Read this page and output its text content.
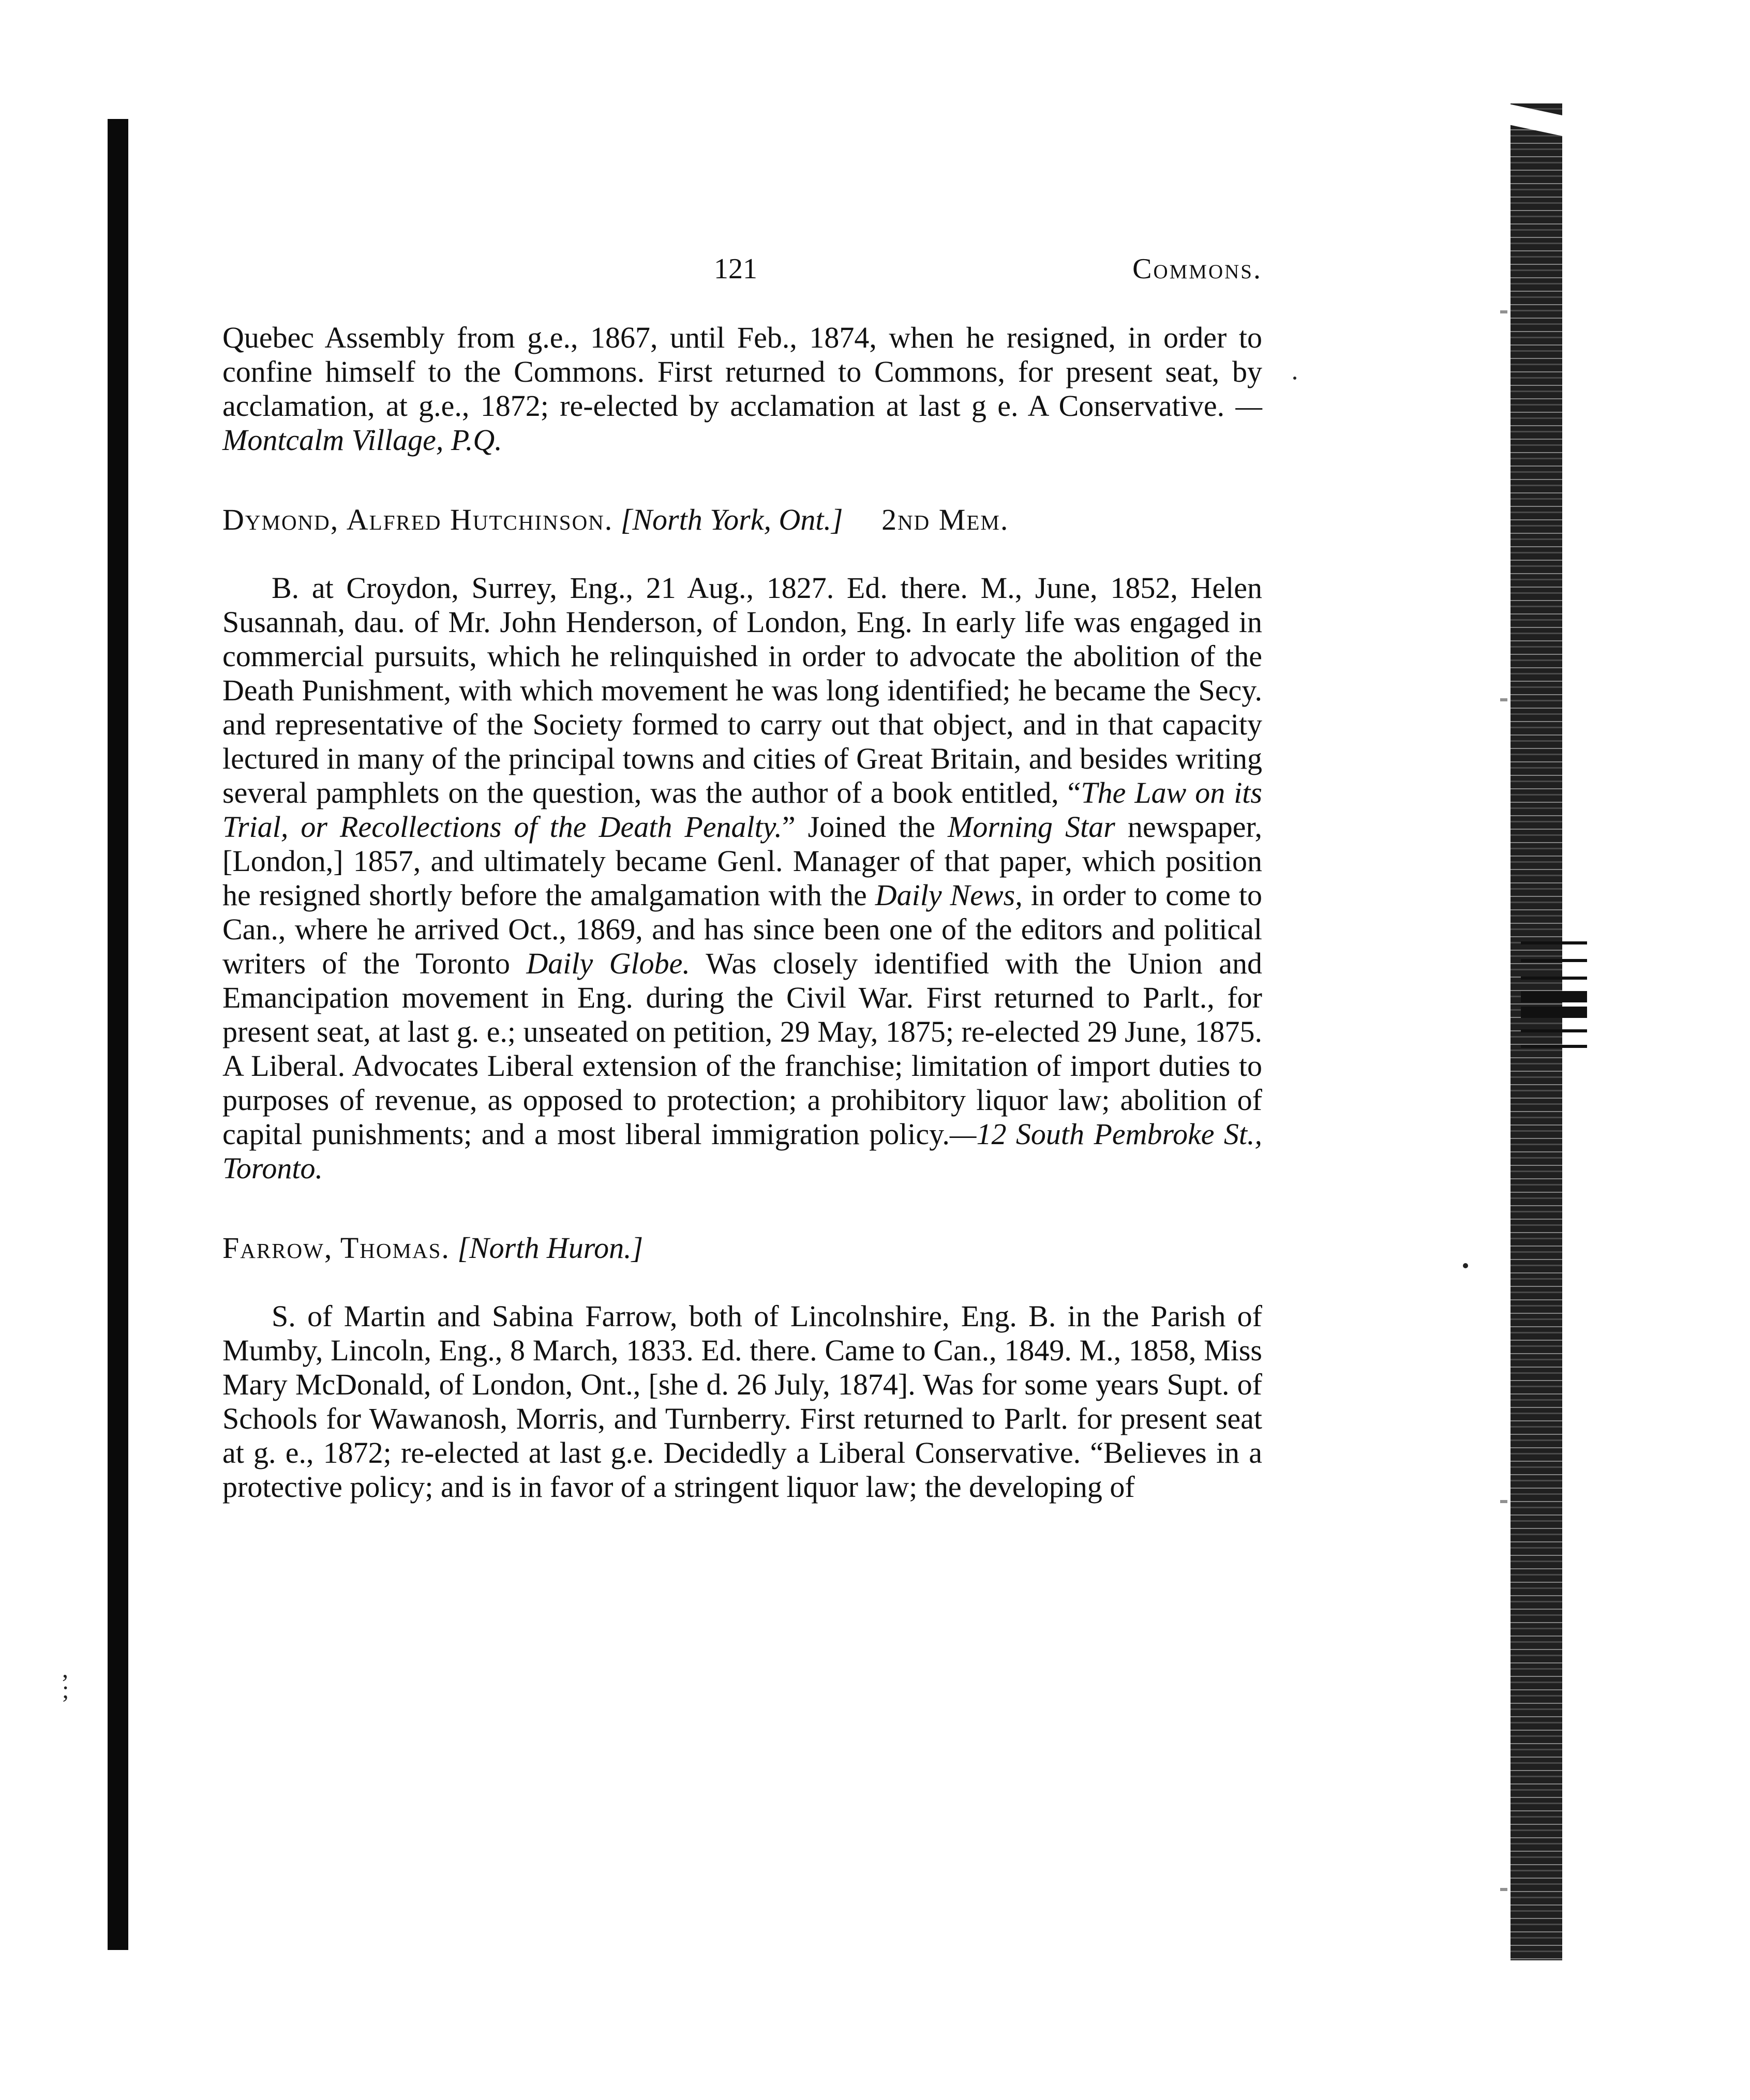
,
;
121	Commons.

Quebec Assembly from g.e., 1867, until Feb., 1874, when he resigned, in order to confine himself to the Commons. First returned to Commons, for present seat, by acclamation, at g.e., 1872; re-elected by acclamation at last g e. A Conservative. —Montcalm Village, P.Q.

Dymond, Alfred Hutchinson. [North York, Ont.] 2nd Mem.

B. at Croydon, Surrey, Eng., 21 Aug., 1827. Ed. there. M., June, 1852, Helen Susannah, dau. of Mr. John Henderson, of London, Eng. In early life was engaged in commercial pursuits, which he relinquished in order to advocate the abolition of the Death Punishment, with which movement he was long identified; he became the Secy. and representative of the Society formed to carry out that object, and in that capacity lectured in many of the principal towns and cities of Great Britain, and besides writing several pamphlets on the question, was the author of a book entitled, “The Law on its Trial, or Recollections of the Death Penalty.” Joined the Morning Star newspaper, [London,] 1857, and ultimately became Genl. Manager of that paper, which position he resigned shortly before the amalgamation with the Daily News, in order to come to Can., where he arrived Oct., 1869, and has since been one of the editors and political writers of the Toronto Daily Globe. Was closely identified with the Union and Emancipation movement in Eng. during the Civil War. First returned to Parlt., for present seat, at last g. e.; unseated on petition, 29 May, 1875; re-elected 29 June, 1875. A Liberal. Advocates Liberal extension of the franchise; limitation of import duties to purposes of revenue, as opposed to protection; a prohibitory liquor law; abolition of capital punishments; and a most liberal immigration policy.—12 South Pembroke St., Toronto.

Farrow, Thomas. [North Huron.]

S. of Martin and Sabina Farrow, both of Lincolnshire, Eng. B. in the Parish of Mumby, Lincoln, Eng., 8 March, 1833. Ed. there. Came to Can., 1849. M., 1858, Miss Mary McDonald, of London, Ont., [she d. 26 July, 1874]. Was for some years Supt. of Schools for Wawanosh, Morris, and Turnberry. First returned to Parlt. for present seat at g. e., 1872; re-elected at last g.e. Decidedly a Liberal Conservative. “Believes in a protective policy; and is in favor of a stringent liquor law; the developing of
